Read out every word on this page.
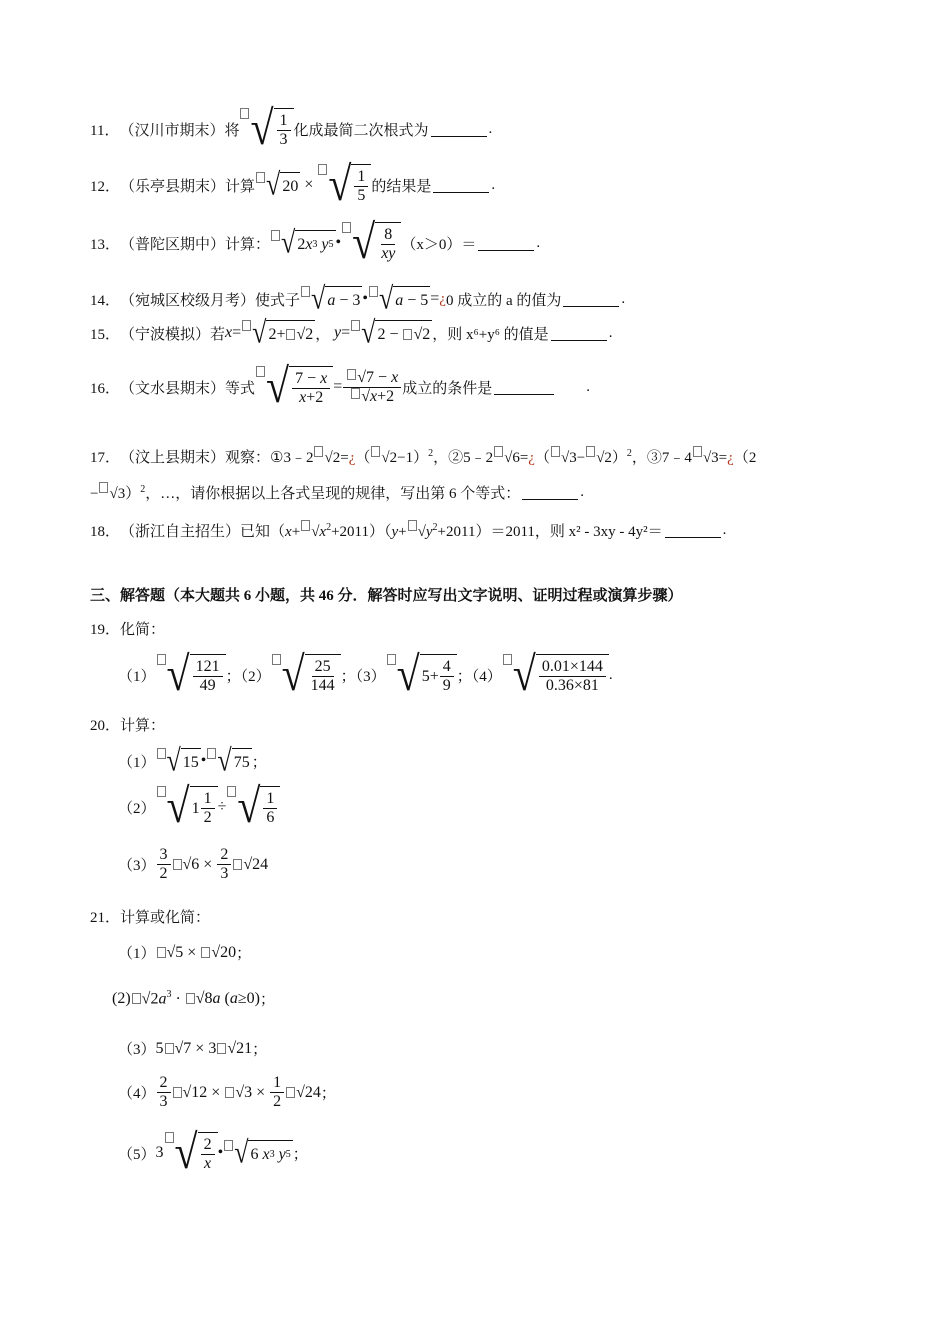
11． （汉川市期末）将 √ $\frac{1}{3}$ 化成最简二次根式为	.
12． （乐亭县期末）计算 √ 20 × √ $\frac{1}{5}$ 的结果是	.
13． （普陀区期中）计算： √ 2 x 3
y 5 • √ $\frac{8}{xy} (x>0)=$	.
14． （宛城区校级月考）使式子 √ a − 3 • √ a − 5 = ¿ 0 成立的 a 的值为	.
15． （宁波模拟）若 x = √ 2+ √2 ， y = √ 2 −
√2 ，则 x⁶+y⁶ 的值是	.
16． （文水县期末）等式 √ $\frac{7 - x}{x+2} = \frac{√7 - x}{√x+2}$ 成立的条件是	.
17． （汶上县期末）观察： ①3﹣2 √2=¿（ √2−1）$^2$，②5﹣2 √6=¿（ √3− √2）$^2$，③7﹣4 √3=¿（2
− √3）$^2$ ，…，请你根据以上各式呈现的规律，写出第 6 个等式：	.
18． （浙江自主招生）已知 $(x+ √x^2+2011)(y+ √y^2+2011) =2011$，则 x² ‑ 3xy ‑ 4y²＝	.
三、解答题（本大题共 6 小题，共 46 分．解答时应写出文字说明、证明过程或演算步骤）
19．化简：
（1） √ $\frac{121}{49}$ ；（2） √ $\frac{25}{144}$ ；（3） √ $5+ \frac{4}{9}$ ；（4） √ $\frac{0.01\times 144}{0.36\times 81}$ .
20．计算：
（1） √ 15 • √ 75 ；
（2） √ $1 \frac{1}{2}$ ÷ √ $\frac{1}{6}$
$(3) \frac{3}{2} √6 \times \frac{2}{3} √24$
21．计算或化简：
（1） √5 × √20 ；
(2) $√2a^3 \cdot √8a$ (a≥0) ；
（3） 5 √7 × 3 √21 ；
$(4) \frac{2}{3} √12 \times √3 \times \frac{1}{2} √24$ ；
（5） 3 √ $\frac{2}{x}$ • √ 6 x 3
y 5 ；
